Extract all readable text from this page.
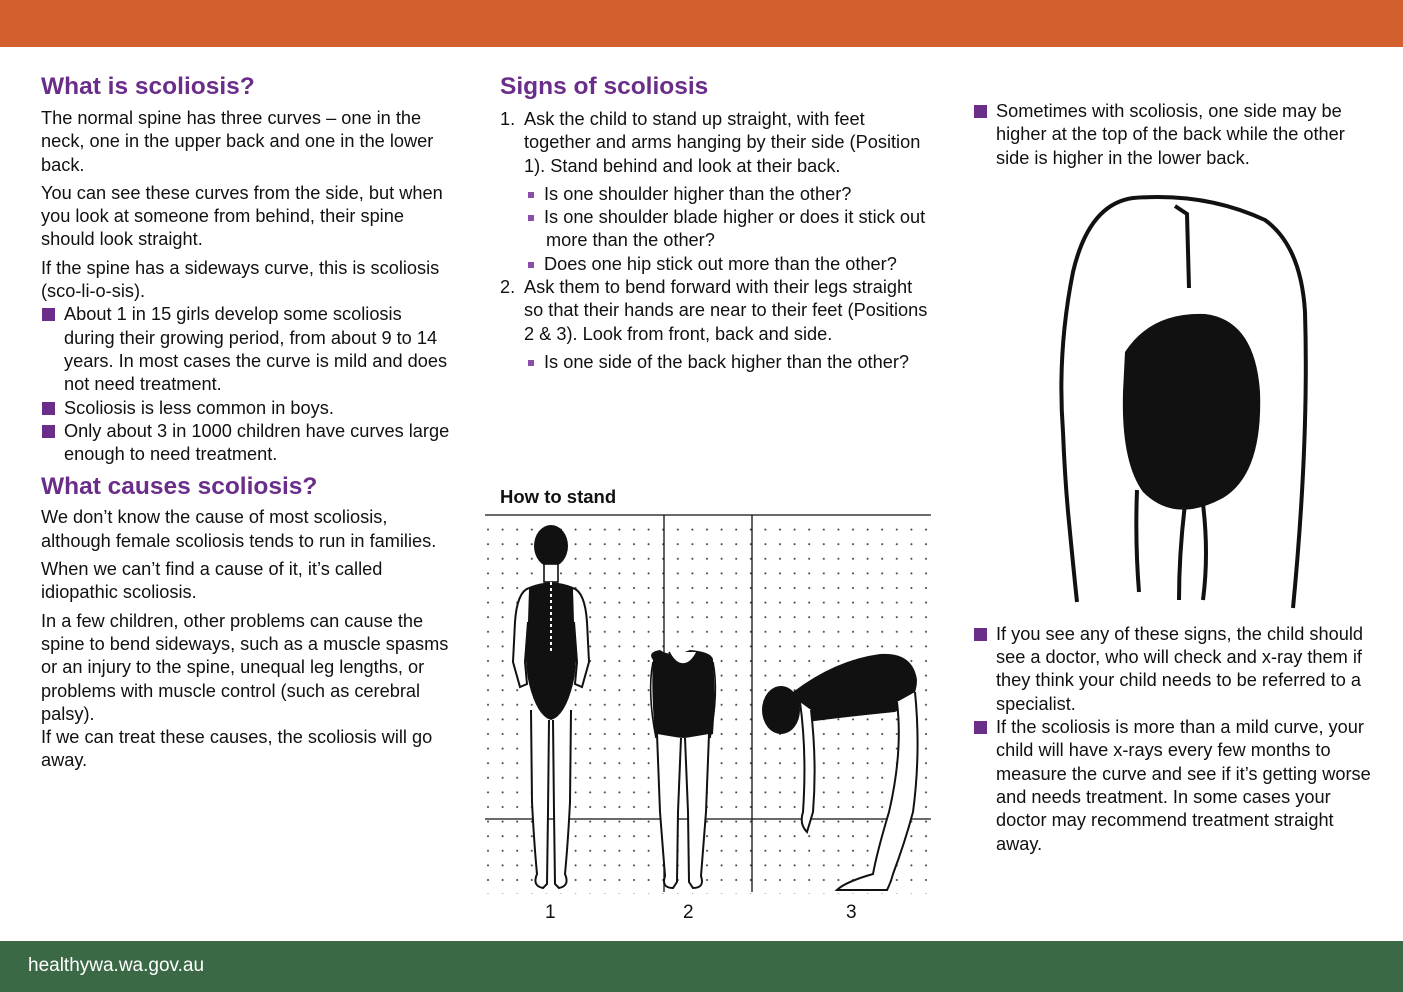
What is scoliosis?

The normal spine has three curves – one in the neck, one in the upper back and one in the lower back.

You can see these curves from the side, but when you look at someone from behind, their spine should look straight.

If the spine has a sideways curve, this is scoliosis (sco-li-o-sis).

About 1 in 15 girls develop some scoliosis during their growing period, from about 9 to 14 years. In most cases the curve is mild and does not need treatment.
Scoliosis is less common in boys.
Only about 3 in 1000 children have curves large enough to need treatment.
What causes scoliosis?

We don’t know the cause of most scoliosis, although female scoliosis tends to run in families.

When we can’t find a cause of it, it’s called idiopathic scoliosis.

In a few children, other problems can cause the spine to bend sideways, such as a muscle spasms or an injury to the spine, unequal leg lengths, or problems with muscle control (such as cerebral palsy).

If we can treat these causes, the scoliosis will go away.

Signs of scoliosis
1. Ask the child to stand up straight, with feet together and arms hanging by their side (Position 1). Stand behind and look at their back.
Is one shoulder higher than the other?
Is one shoulder blade higher or does it stick out more than the other?
Does one hip stick out more than the other?
2. Ask them to bend forward with their legs straight so that their hands are near to their feet (Positions 2 & 3). Look from front, back and side.
Is one side of the back higher than the other?
How to stand
1	2	3
Sometimes with scoliosis, one side may be higher at the top of the back while the other side is higher in the lower back.
If you see any of these signs, the child should see a doctor, who will check and x-ray them if they think your child needs to be referred to a specialist.
If the scoliosis is more than a mild curve, your child will have x-rays every few months to measure the curve and see if it’s getting worse and needs treatment. In some cases your doctor may recommend treatment straight away.
healthywa.wa.gov.au
